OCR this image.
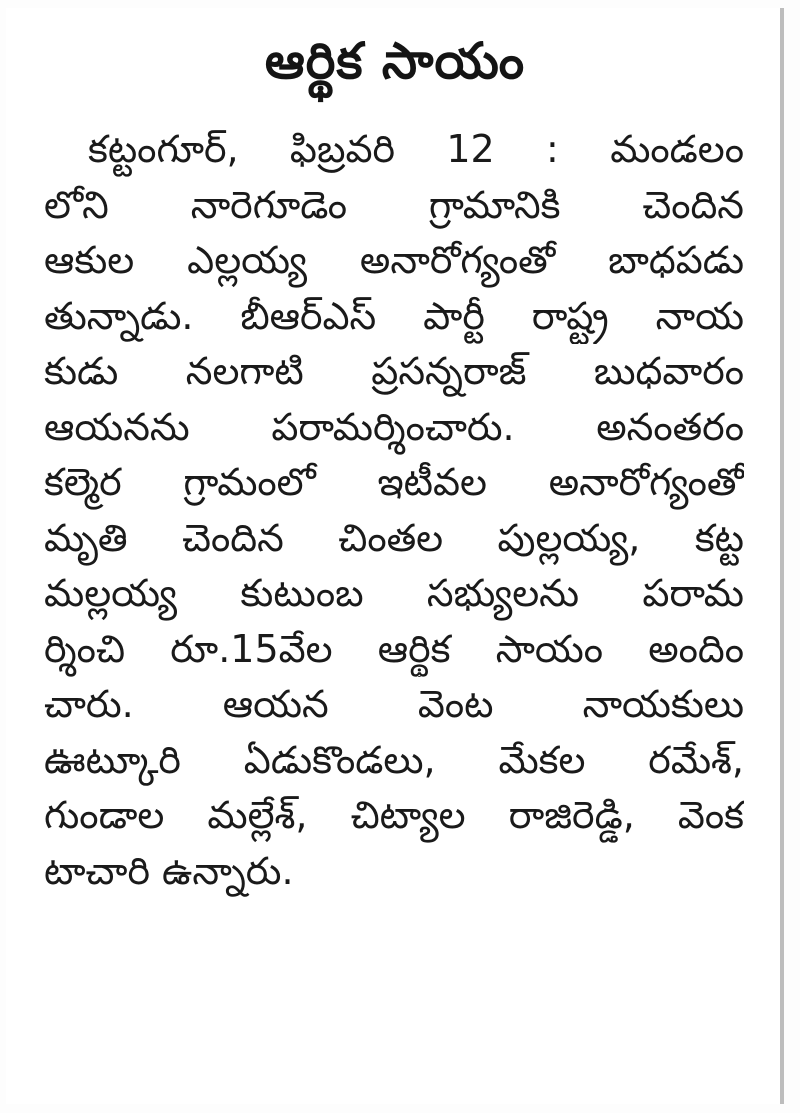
ఆర్థిక సాయం
కట్టంగూర్, ఫిబ్రవరి 12 : మండలం
లోని నారెగూడెం గ్రామానికి చెందిన
ఆకుల ఎల్లయ్య అనారోగ్యంతో బాధపడు
తున్నాడు. బీఆర్ఎస్ పార్టీ రాష్ట్ర నాయ
కుడు నలగాటి ప్రసన్నరాజ్ బుధవారం
ఆయనను పరామర్శించారు. అనంతరం
కల్మెర గ్రామంలో ఇటీవల అనారోగ్యంతో
మృతి చెందిన చింతల పుల్లయ్య, కట్ట
మల్లయ్య కుటుంబ సభ్యులను పరామ
ర్శించి రూ.15వేల ఆర్థిక సాయం అందిం
చారు. ఆయన వెంట నాయకులు
ఊట్కూరి ఏడుకొండలు, మేకల రమేశ్,
గుండాల మల్లేశ్, చిట్యాల రాజిరెడ్డి, వెంక
టాచారి ఉన్నారు.
